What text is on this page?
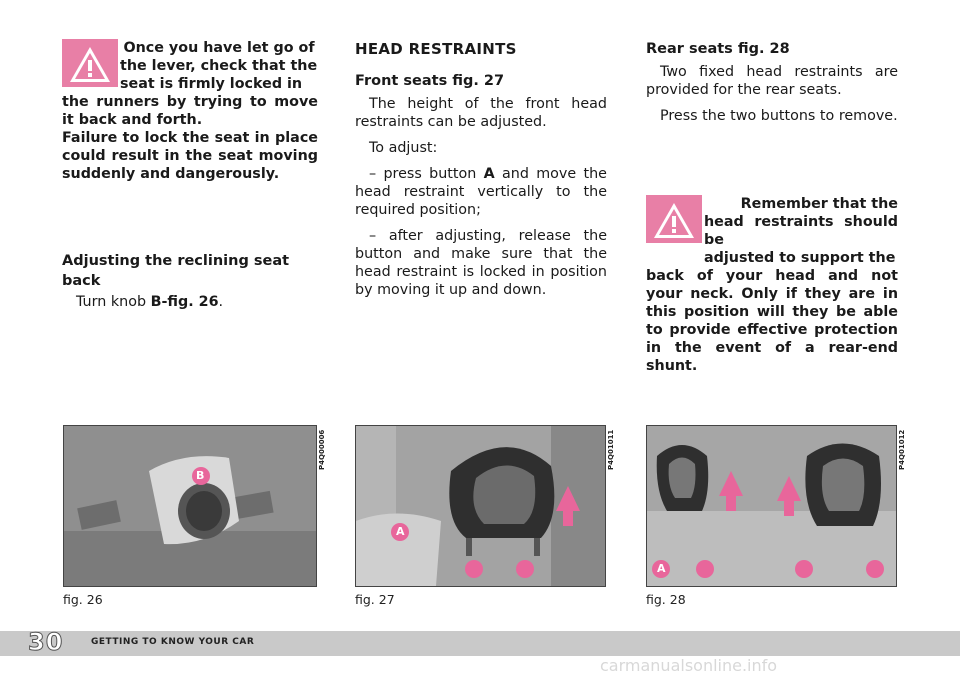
Once you have let go of
the lever, check that the
seat is firmly locked in
the runners by trying to move it back and forth.
Failure to lock the seat in place could result in the seat moving suddenly and dangerously.
Adjusting the reclining seat back

Turn knob B-fig. 26.

HEAD RESTRAINTS
Front seats fig. 27

The height of the front head restraints can be adjusted.

To adjust:

– press button A and move the head restraint vertically to the required position;

– after adjusting, release the button and make sure that the head restraint is locked in position by moving it up and down.

Rear seats fig. 28

Two fixed head restraints are provided for the rear seats.

Press the two buttons to remove.

Remember that the
head restraints should be
adjusted to support the
back of your head and not your neck. Only if they are in this position will they be able to provide effective protection in the event of a rear-end shunt.
B
P4Q00006
fig. 26
A
P4Q01011
fig. 27
A
P4Q01012
fig. 28
30	GETTING TO KNOW YOUR CAR
carmanualsonline.info
